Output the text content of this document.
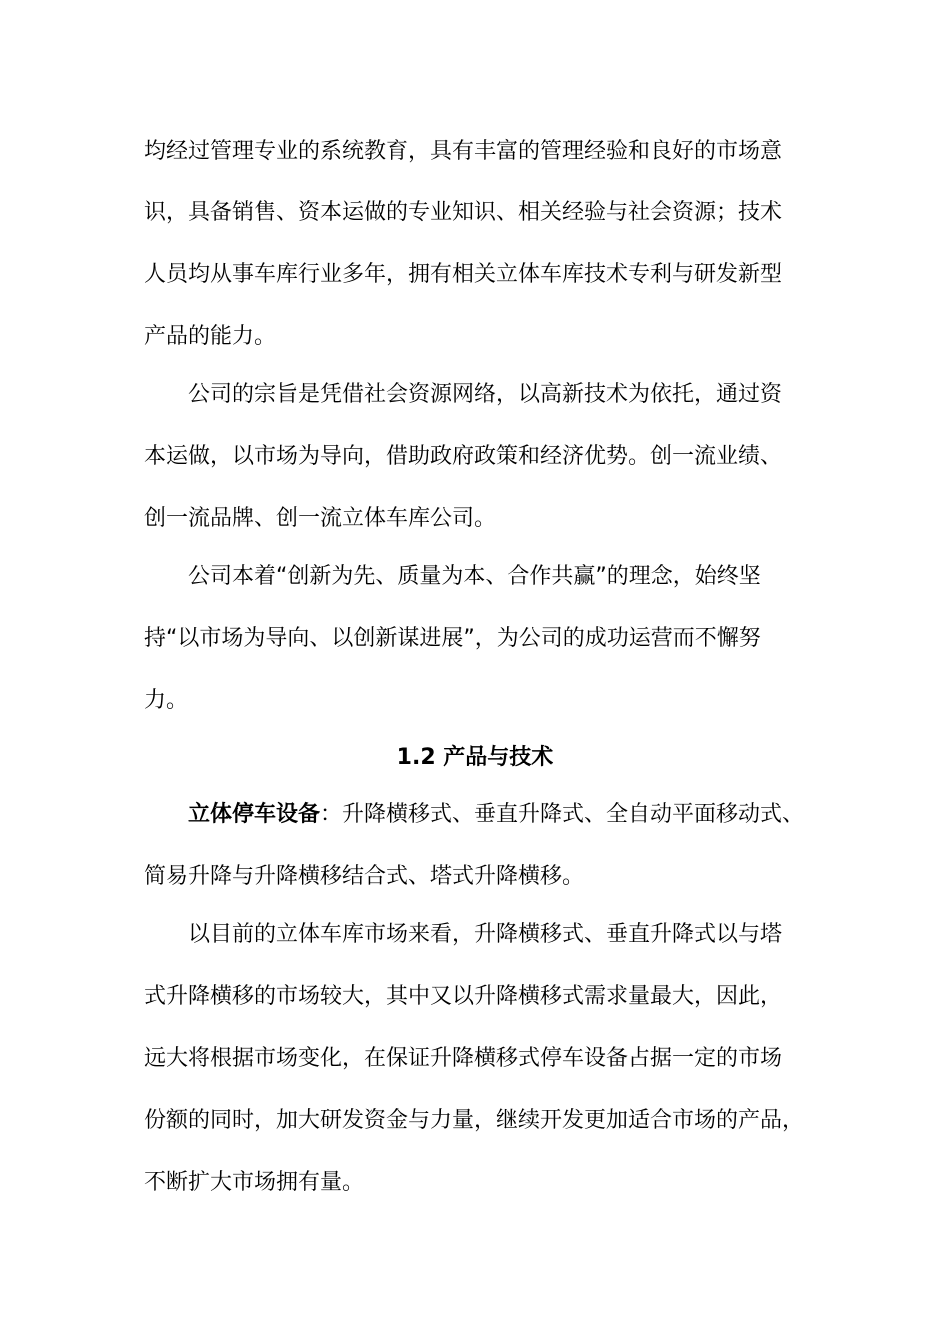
均经过管理专业的系统教育，具有丰富的管理经验和良好的市场意
识，具备销售、资本运做的专业知识、相关经验与社会资源；技术
人员均从事车库行业多年，拥有相关立体车库技术专利与研发新型
产品的能力。
公司的宗旨是凭借社会资源网络，以高新技术为依托，通过资
本运做，以市场为导向，借助政府政策和经济优势。创一流业绩、
创一流品牌、创一流立体车库公司。
公司本着“创新为先、质量为本、合作共赢”的理念，始终坚
持“以市场为导向、以创新谋进展”，为公司的成功运营而不懈努
力。
1.2 产品与技术
立体停车设备：升降横移式、垂直升降式、全自动平面移动式、
简易升降与升降横移结合式、塔式升降横移。
以目前的立体车库市场来看，升降横移式、垂直升降式以与塔
式升降横移的市场较大，其中又以升降横移式需求量最大，因此，
远大将根据市场变化，在保证升降横移式停车设备占据一定的市场
份额的同时，加大研发资金与力量，继续开发更加适合市场的产品，
不断扩大市场拥有量。
